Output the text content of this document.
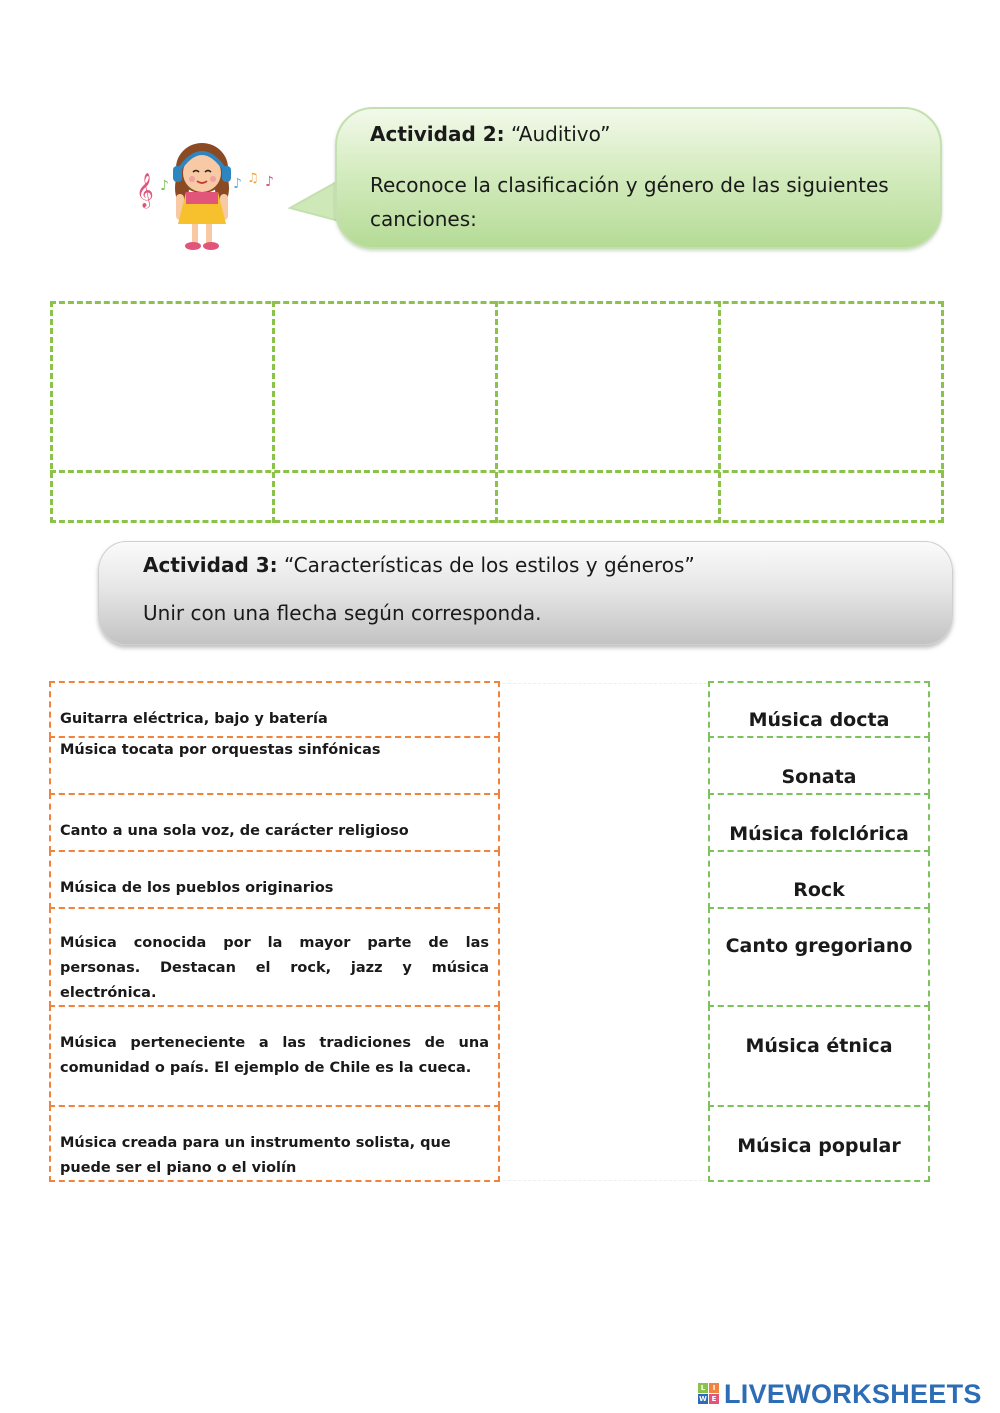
𝄞 ♪	♪ ♫ ♪
Actividad 2: “Auditivo”
Reconoce la clasificación y género de las siguientes canciones:
Actividad 3: “Características de los estilos y géneros”
Unir con una flecha según corresponda.
Guitarra eléctrica, bajo y batería
Música tocata por orquestas sinfónicas
Canto a una sola voz, de carácter religioso
Música de los pueblos originarios
Música conocida por la mayor parte de las personas. Destacan el rock, jazz y música electrónica.
Música perteneciente a las tradiciones de una comunidad o país. El ejemplo de Chile es la cueca.
Música creada para un instrumento solista, que puede ser el piano o el violín
Música docta
Sonata
Música folclórica
Rock
Canto gregoriano
Música étnica
Música popular
L	I
W E LIVEWORKSHEETS
